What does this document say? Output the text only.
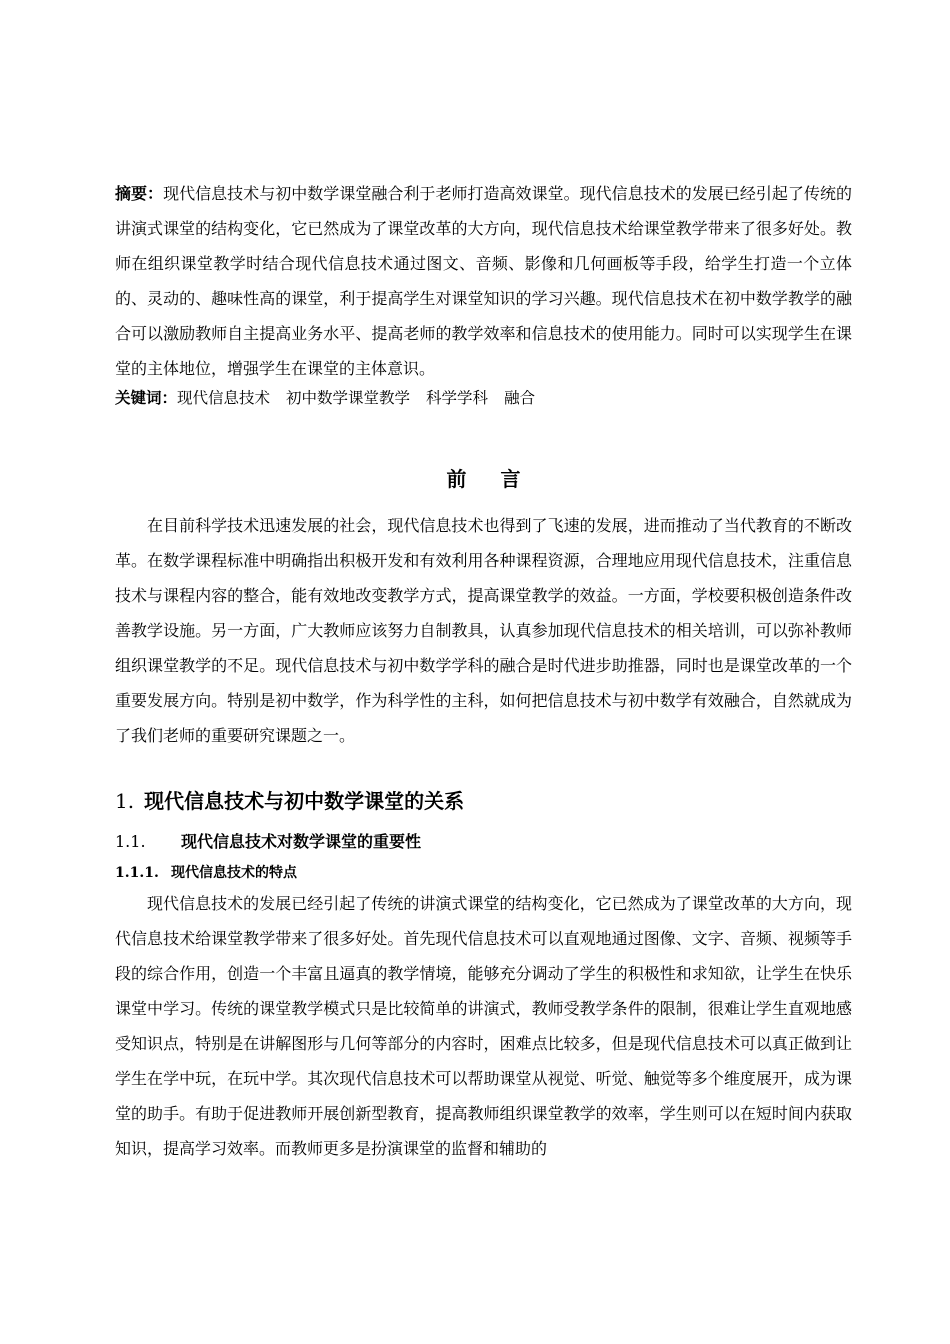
摘要：现代信息技术与初中数学课堂融合利于老师打造高效课堂。现代信息技术的发展已经引起了传统的讲演式课堂的结构变化，它已然成为了课堂改革的大方向，现代信息技术给课堂教学带来了很多好处。教师在组织课堂教学时结合现代信息技术通过图文、音频、影像和几何画板等手段，给学生打造一个立体的、灵动的、趣味性高的课堂，利于提高学生对课堂知识的学习兴趣。现代信息技术在初中数学教学的融合可以激励教师自主提高业务水平、提高老师的教学效率和信息技术的使用能力。同时可以实现学生在课堂的主体地位，增强学生在课堂的主体意识。

关键词：现代信息技术 初中数学课堂教学 科学学科 融合

前言

在目前科学技术迅速发展的社会，现代信息技术也得到了飞速的发展，进而推动了当代教育的不断改革。在数学课程标准中明确指出积极开发和有效利用各种课程资源，合理地应用现代信息技术，注重信息技术与课程内容的整合，能有效地改变教学方式，提高课堂教学的效益。一方面，学校要积极创造条件改善教学设施。另一方面，广大教师应该努力自制教具，认真参加现代信息技术的相关培训，可以弥补教师组织课堂教学的不足。现代信息技术与初中数学学科的融合是时代进步助推器，同时也是课堂改革的一个重要发展方向。特别是初中数学，作为科学性的主科，如何把信息技术与初中数学有效融合，自然就成为了我们老师的重要研究课题之一。

1. 现代信息技术与初中数学课堂的关系
1.1. 现代信息技术对数学课堂的重要性
1.1.1. 现代信息技术的特点

现代信息技术的发展已经引起了传统的讲演式课堂的结构变化，它已然成为了课堂改革的大方向，现代信息技术给课堂教学带来了很多好处。首先现代信息技术可以直观地通过图像、文字、音频、视频等手段的综合作用，创造一个丰富且逼真的教学情境，能够充分调动了学生的积极性和求知欲，让学生在快乐课堂中学习。传统的课堂教学模式只是比较简单的讲演式，教师受教学条件的限制，很难让学生直观地感受知识点，特别是在讲解图形与几何等部分的内容时，困难点比较多，但是现代信息技术可以真正做到让学生在学中玩，在玩中学。其次现代信息技术可以帮助课堂从视觉、听觉、触觉等多个维度展开，成为课堂的助手。有助于促进教师开展创新型教育，提高教师组织课堂教学的效率，学生则可以在短时间内获取知识，提高学习效率。而教师更多是扮演课堂的监督和辅助的
